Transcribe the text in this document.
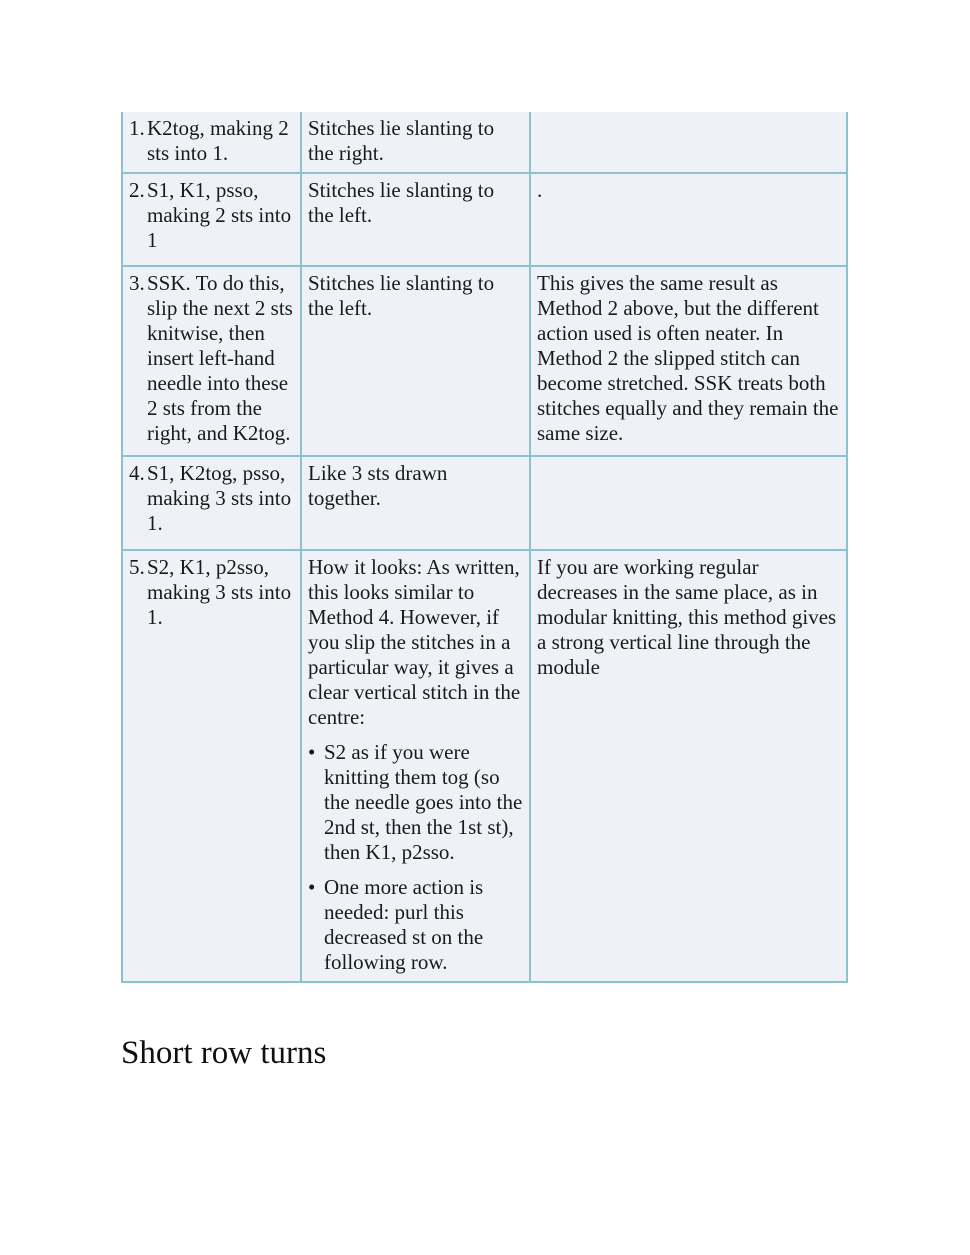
1. K2tog, making 2 sts into 1.	Stitches lie slanting to the right.	

2. S1, K1, psso, making 2 sts into 1	Stitches lie slanting to the left.	.

3. SSK. To do this, slip the next 2 sts knitwise, then insert left-hand needle into these 2 sts from the right, and K2tog.	Stitches lie slanting to the left.	This gives the same result as Method 2 above, but the different action used is often neater. In Method 2 the slipped stitch can become stretched. SSK treats both stitches equally and they remain the same size.

4. S1, K2tog, psso, making 3 sts into 1.	Like 3 sts drawn together.	

5. S2, K1, p2sso, making 3 sts into 1.	How it looks: As written, this looks similar to Method 4. However, if you slip the stitches in a particular way, it gives a clear vertical stitch in the centre:

• S2 as if you were knitting them tog (so the needle goes into the 2nd st, then the 1st st), then K1, p2sso.

• One more action is needed: purl this decreased st on the following row.	If you are working regular decreases in the same place, as in modular knitting, this method gives a strong vertical line through the module

Short row turns
